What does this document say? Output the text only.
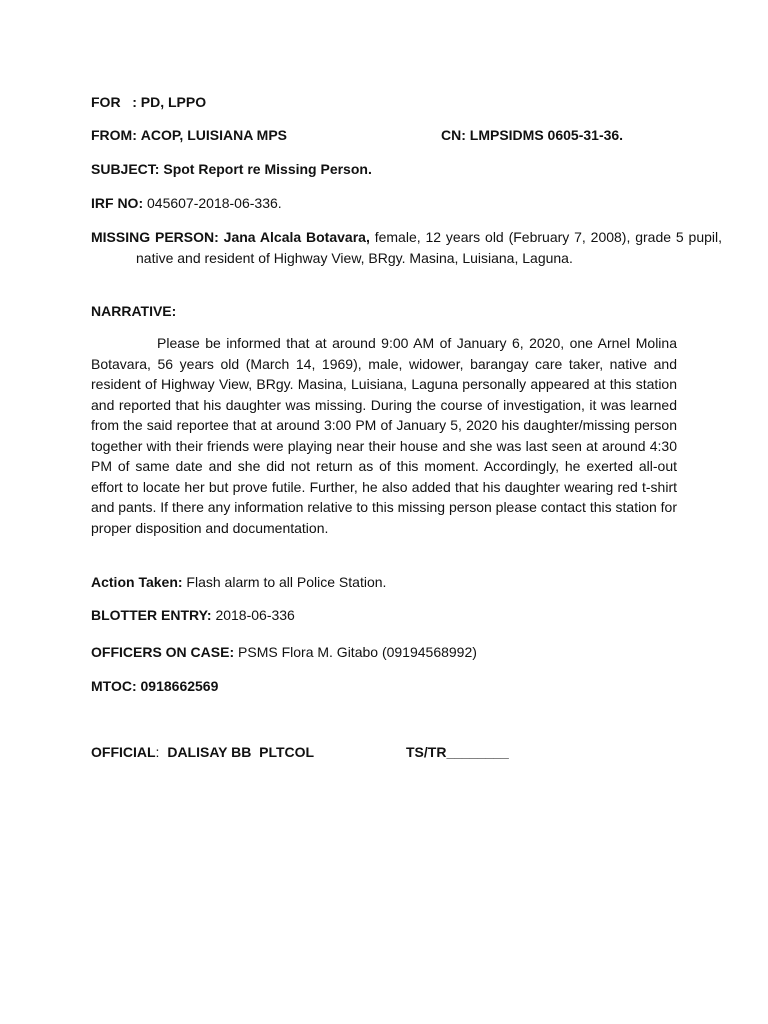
FOR   : PD, LPPO
FROM: ACOP, LUISIANA MPS	CN: LMPSIDMS 0605-31-36.
SUBJECT: Spot Report re Missing Person.
IRF NO: 045607-2018-06-336.
MISSING PERSON: Jana Alcala Botavara, female, 12 years old (February 7, 2008), grade 5 pupil, native and resident of Highway View, BRgy. Masina, Luisiana, Laguna.
NARRATIVE:
Please be informed that at around 9:00 AM of January 6, 2020, one Arnel Molina Botavara, 56 years old (March 14, 1969), male, widower, barangay care taker, native and resident of Highway View, BRgy. Masina, Luisiana, Laguna personally appeared at this station and reported that his daughter was missing. During the course of investigation, it was learned from the said reportee that at around 3:00 PM of January 5, 2020 his daughter/missing person together with their friends were playing near their house and she was last seen at around 4:30 PM of same date and she did not return as of this moment. Accordingly, he exerted all-out effort to locate her but prove futile. Further, he also added that his daughter wearing red t-shirt and pants. If there any information relative to this missing person please contact this station for proper disposition and documentation.
Action Taken: Flash alarm to all Police Station.
BLOTTER ENTRY: 2018-06-336
OFFICERS ON CASE: PSMS Flora M. Gitabo (09194568992)
MTOC: 0918662569
OFFICIAL: DALISAY BB  PLTCOL	TS/TR________
